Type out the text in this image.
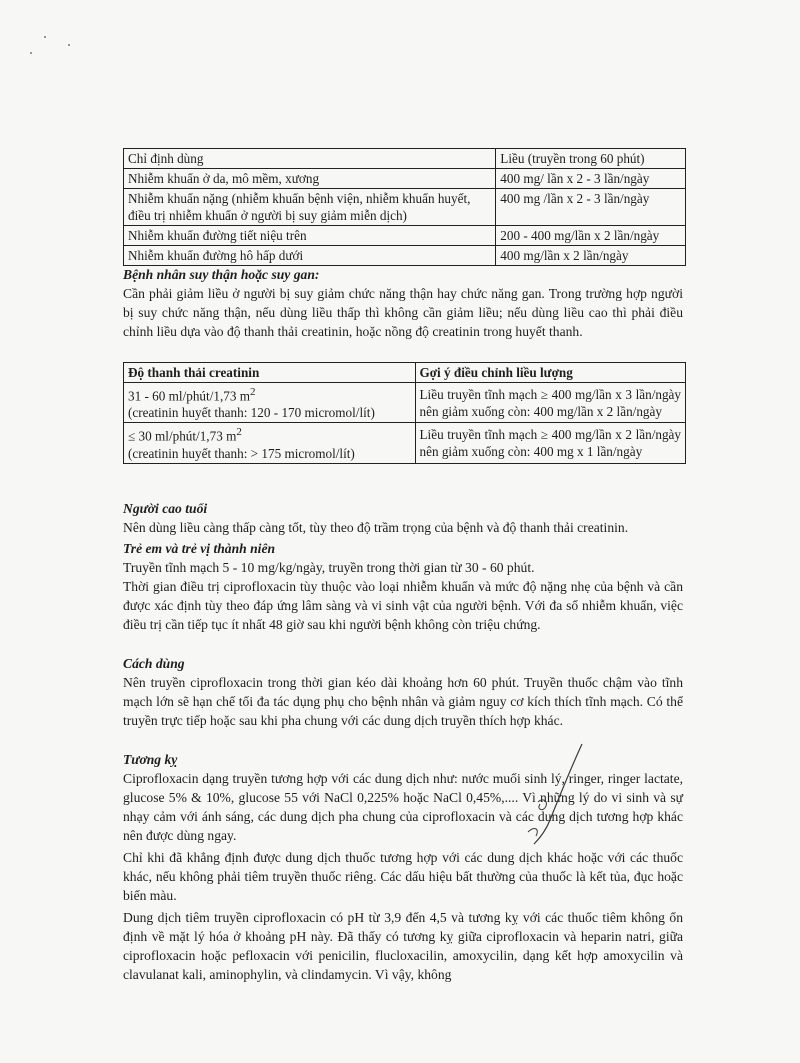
Chỉ định dùng	Liều (truyền trong 60 phút)
Nhiễm khuẩn ở da, mô mềm, xương	400 mg/ lần x 2 - 3 lần/ngày
Nhiễm khuẩn nặng (nhiễm khuẩn bệnh viện, nhiễm khuẩn huyết, điều trị nhiễm khuẩn ở người bị suy giảm miễn dịch)	400 mg /lần x 2 - 3 lần/ngày
Nhiễm khuẩn đường tiết niệu trên	200 - 400 mg/lần x 2 lần/ngày
Nhiễm khuẩn đường hô hấp dưới	400 mg/lần x 2 lần/ngày

Bệnh nhân suy thận hoặc suy gan:

Cần phải giảm liều ở người bị suy giảm chức năng thận hay chức năng gan. Trong trường hợp người bị suy chức năng thận, nếu dùng liều thấp thì không cần giảm liều; nếu dùng liều cao thì phải điều chỉnh liều dựa vào độ thanh thải creatinin, hoặc nồng độ creatinin trong huyết thanh.

Độ thanh thải creatinin	Gợi ý điều chỉnh liều lượng
31 - 60 ml/phút/1,73 $m^2$
(creatinin huyết thanh: 120 - 170 micromol/lít)	Liều truyền tĩnh mạch ≥ 400 mg/lần x 3 lần/ngày nên giảm xuống còn: 400 mg/lần x 2 lần/ngày
≤ 30 ml/phút/1,73 $m^2$
(creatinin huyết thanh: > 175 micromol/lít)	Liều truyền tĩnh mạch ≥ 400 mg/lần x 2 lần/ngày nên giảm xuống còn: 400 mg x 1 lần/ngày

Người cao tuổi

Nên dùng liều càng thấp càng tốt, tùy theo độ trầm trọng của bệnh và độ thanh thải creatinin.

Trẻ em và trẻ vị thành niên

Truyền tĩnh mạch 5 - 10 mg/kg/ngày, truyền trong thời gian từ 30 - 60 phút.

Thời gian điều trị ciprofloxacin tùy thuộc vào loại nhiễm khuẩn và mức độ nặng nhẹ của bệnh và cần được xác định tùy theo đáp ứng lâm sàng và vi sinh vật của người bệnh. Với đa số nhiễm khuẩn, việc điều trị cần tiếp tục ít nhất 48 giờ sau khi người bệnh không còn triệu chứng.

Cách dùng

Nên truyền ciprofloxacin trong thời gian kéo dài khoảng hơn 60 phút. Truyền thuốc chậm vào tĩnh mạch lớn sẽ hạn chế tối đa tác dụng phụ cho bệnh nhân và giảm nguy cơ kích thích tĩnh mạch. Có thể truyền trực tiếp hoặc sau khi pha chung với các dung dịch truyền thích hợp khác.

Tương kỵ

Ciprofloxacin dạng truyền tương hợp với các dung dịch như: nước muối sinh lý, ringer, ringer lactate, glucose 5% & 10%, glucose 55 với NaCl 0,225% hoặc NaCl 0,45%,.... Vì những lý do vi sinh và sự nhạy cảm với ánh sáng, các dung dịch pha chung của ciprofloxacin và các dung dịch tương hợp khác nên được dùng ngay.

Chỉ khi đã khẳng định được dung dịch thuốc tương hợp với các dung dịch khác hoặc với các thuốc khác, nếu không phải tiêm truyền thuốc riêng. Các dấu hiệu bất thường của thuốc là kết tủa, đục hoặc biến màu.

Dung dịch tiêm truyền ciprofloxacin có pH từ 3,9 đến 4,5 và tương kỵ với các thuốc tiêm không ổn định về mặt lý hóa ở khoảng pH này. Đã thấy có tương kỵ giữa ciprofloxacin và heparin natri, giữa ciprofloxacin hoặc pefloxacin với penicilin, flucloxacilin, amoxycilin, dạng kết hợp amoxycilin và clavulanat kali, aminophylin, và clindamycin. Vì vậy, không
